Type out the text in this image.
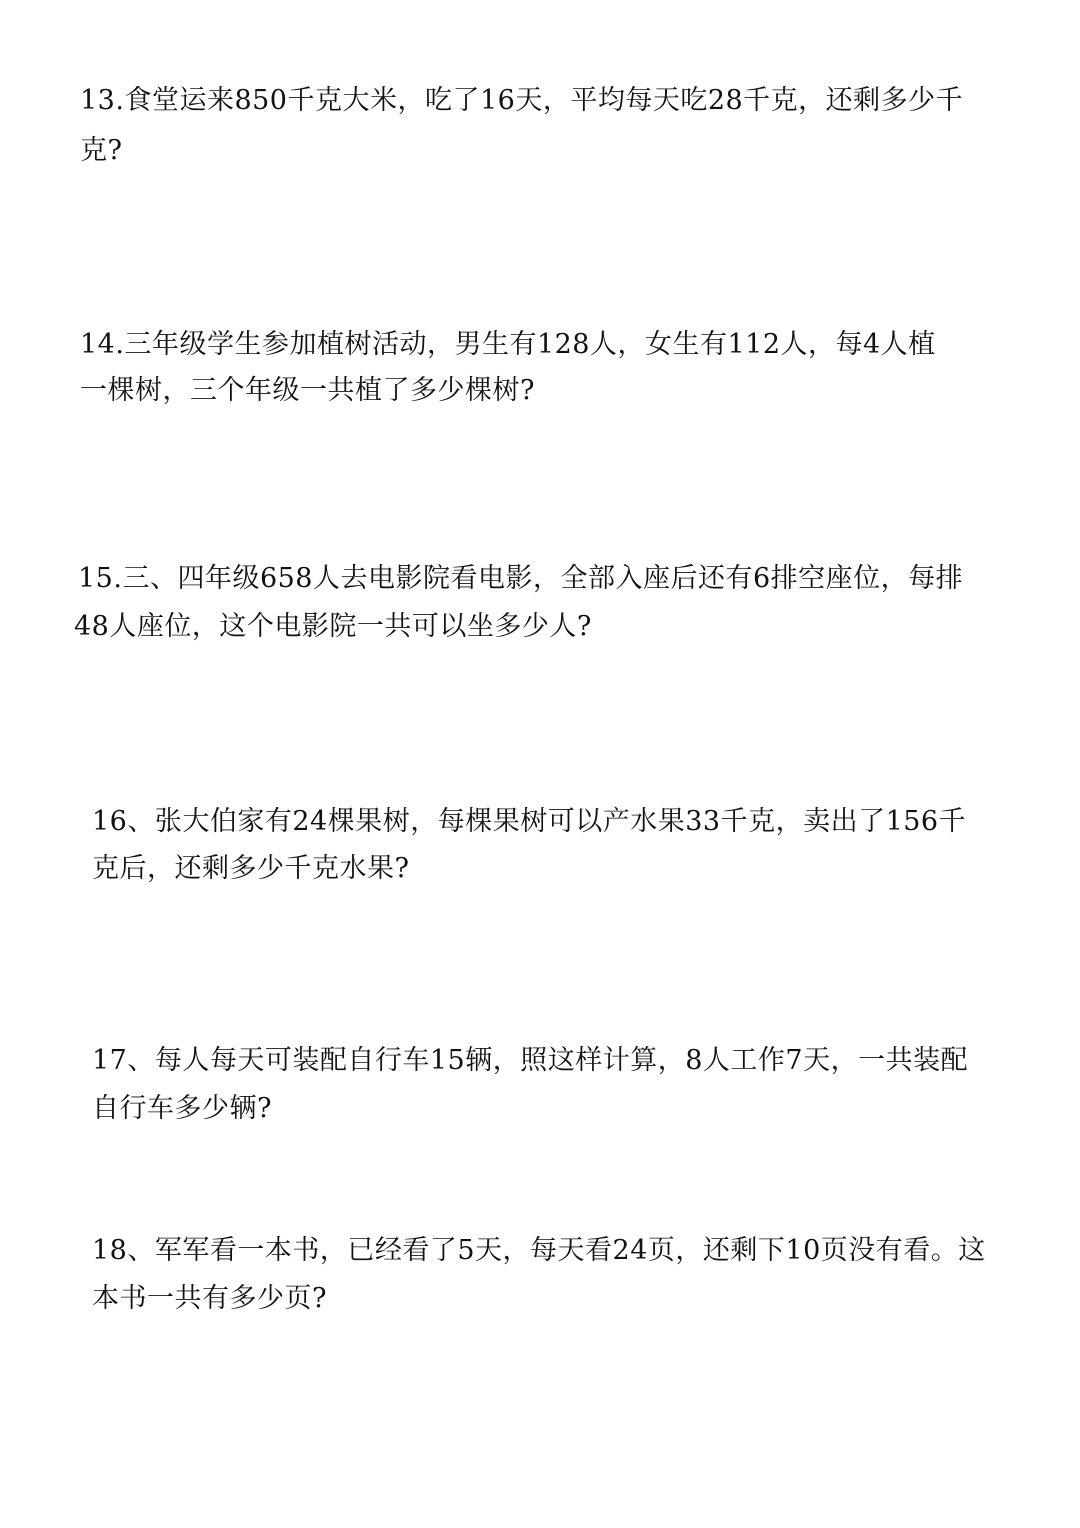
13.食堂运来850千克大米，吃了16天，平均每天吃28千克，还剩多少千
克?
14.三年级学生参加植树活动，男生有128人，女生有112人，每4人植
一棵树，三个年级一共植了多少棵树?
15.三、四年级658人去电影院看电影，全部入座后还有6排空座位，每排
48人座位，这个电影院一共可以坐多少人?
16、张大伯家有24棵果树，每棵果树可以产水果33千克，卖出了156千
克后，还剩多少千克水果?
17、每人每天可装配自行车15辆，照这样计算，8人工作7天，一共装配
自行车多少辆?
18、军军看一本书，已经看了5天，每天看24页，还剩下10页没有看。这
本书一共有多少页?
